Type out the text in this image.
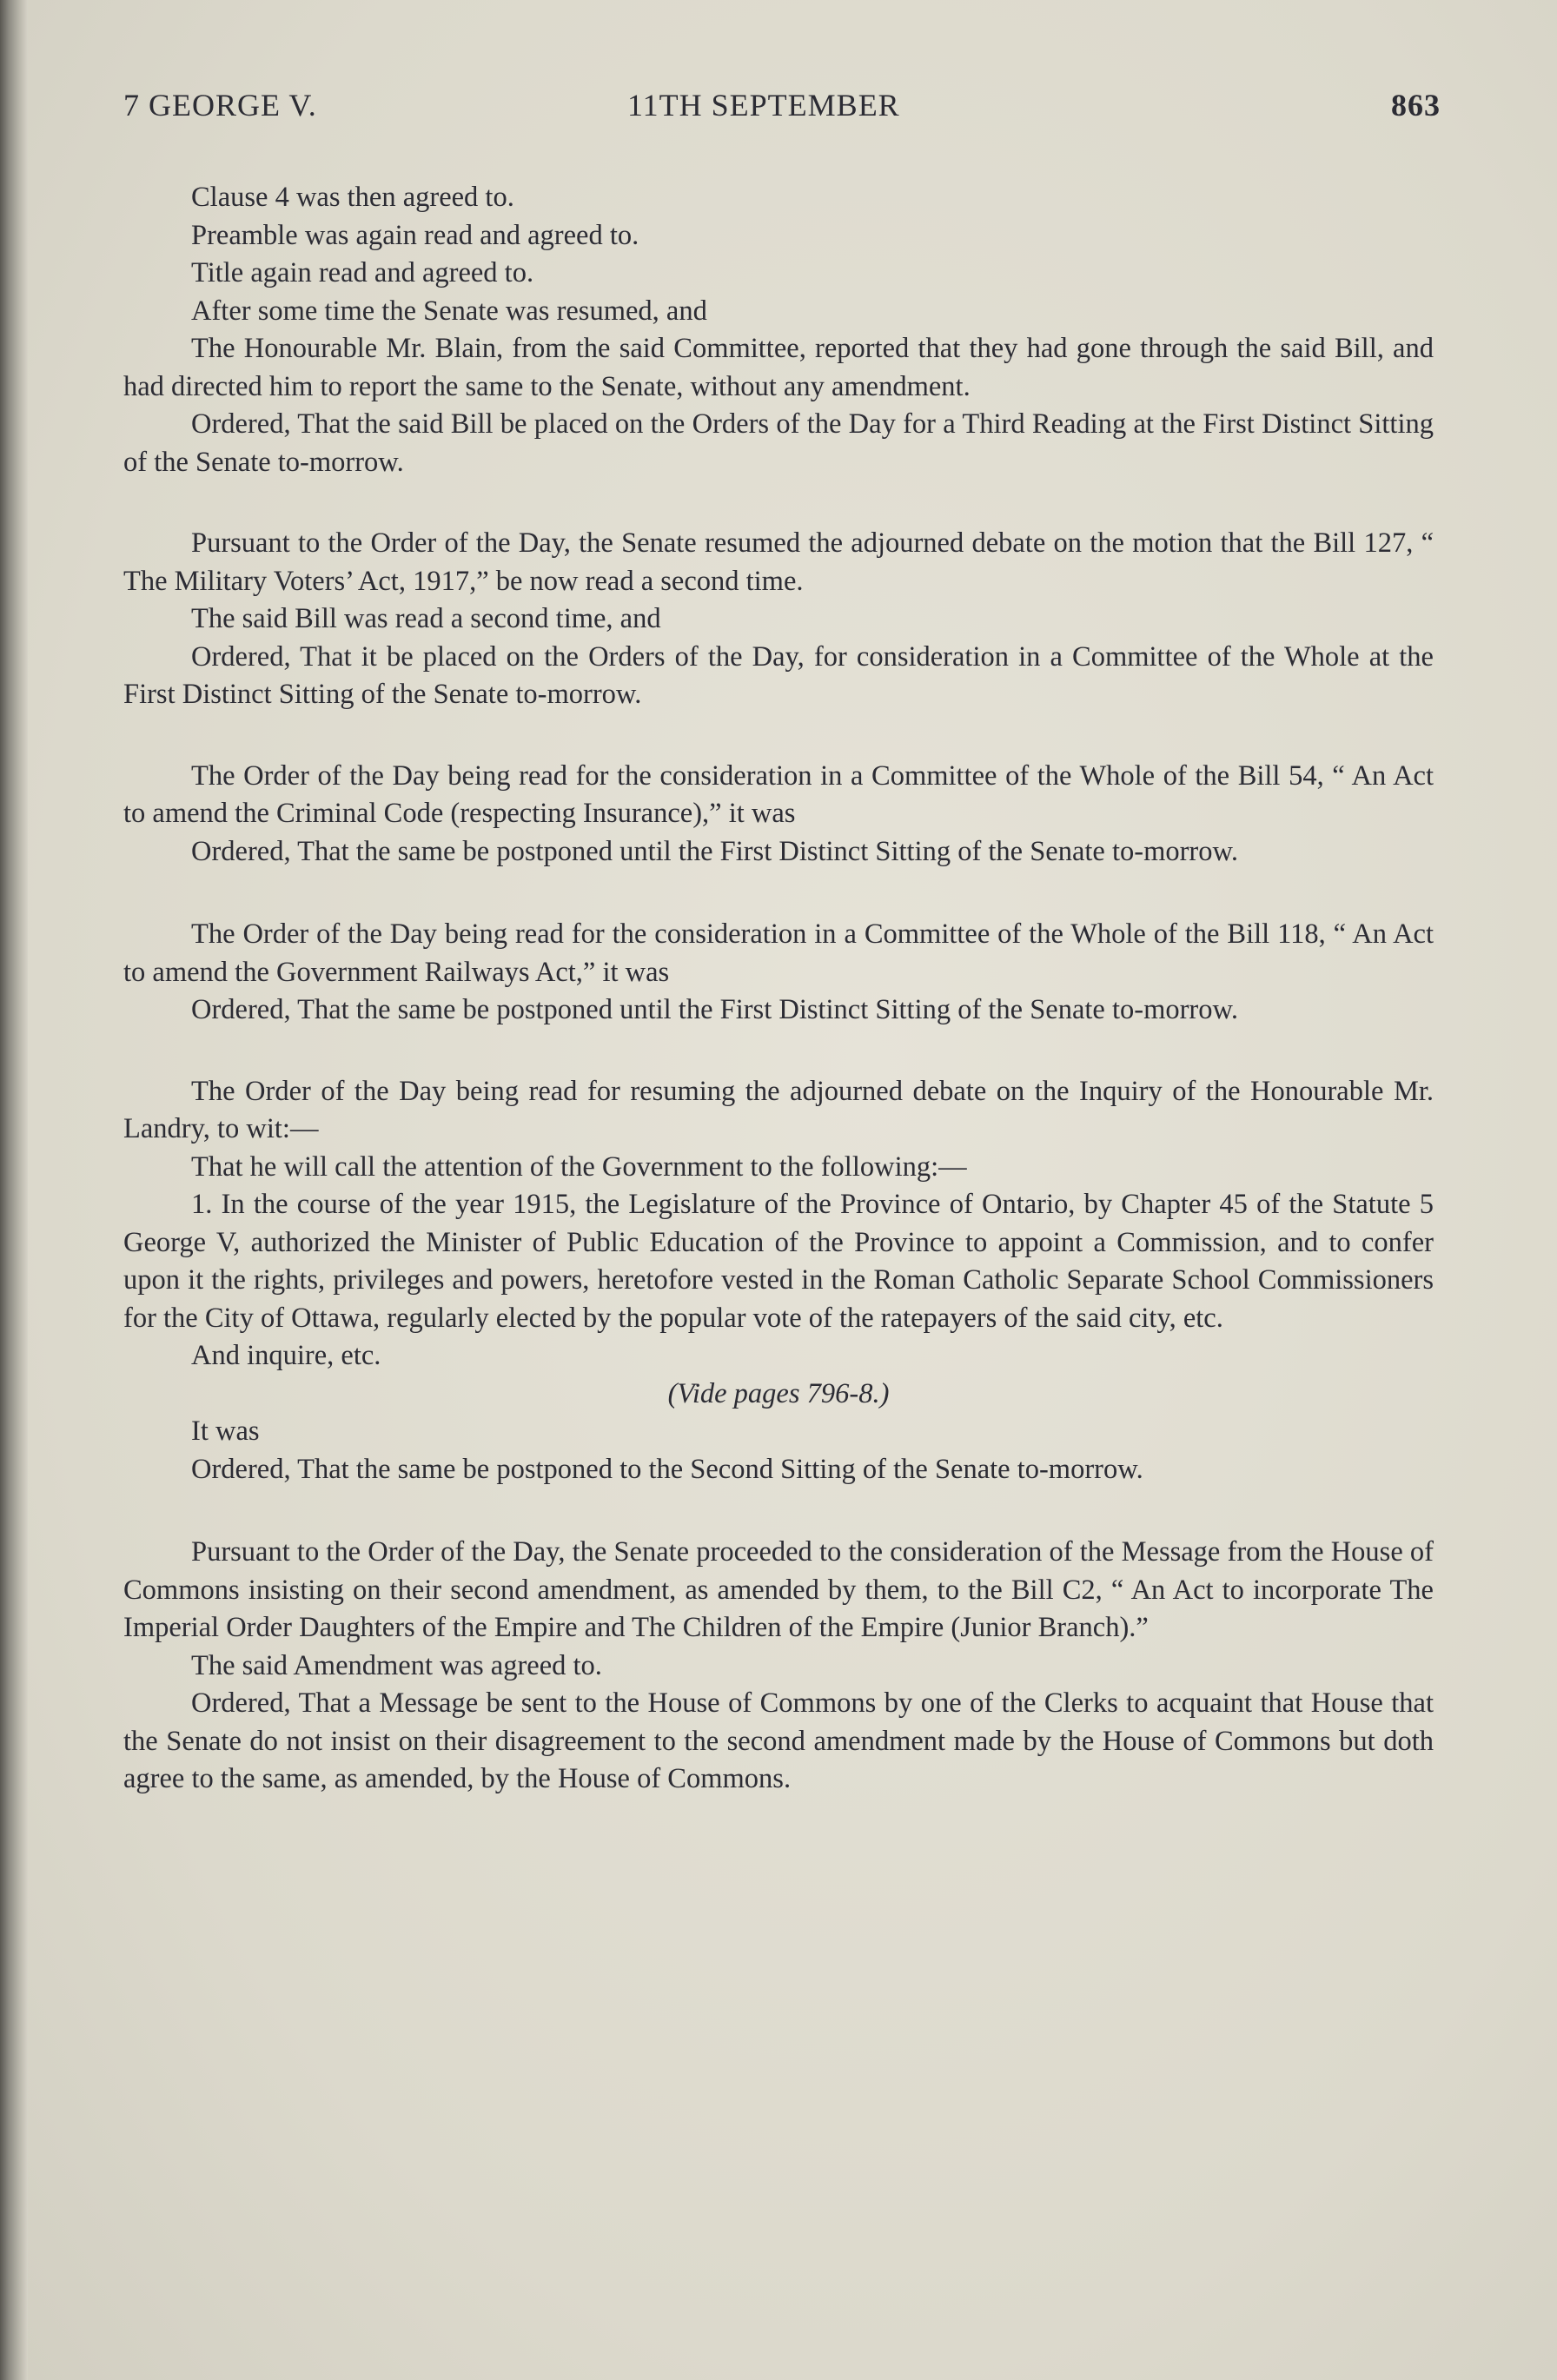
7 GEORGE V.	11TH SEPTEMBER	863

Clause 4 was then agreed to.

Preamble was again read and agreed to.

Title again read and agreed to.

After some time the Senate was resumed, and

The Honourable Mr. Blain, from the said Committee, reported that they had gone through the said Bill, and had directed him to report the same to the Senate, without any amendment.

Ordered, That the said Bill be placed on the Orders of the Day for a Third Reading at the First Distinct Sitting of the Senate to-morrow.

Pursuant to the Order of the Day, the Senate resumed the adjourned debate on the motion that the Bill 127, “ The Military Voters’ Act, 1917,” be now read a second time.

The said Bill was read a second time, and

Ordered, That it be placed on the Orders of the Day, for consideration in a Committee of the Whole at the First Distinct Sitting of the Senate to-morrow.

The Order of the Day being read for the consideration in a Committee of the Whole of the Bill 54, “ An Act to amend the Criminal Code (respecting Insurance),” it was

Ordered, That the same be postponed until the First Distinct Sitting of the Senate to-morrow.

The Order of the Day being read for the consideration in a Committee of the Whole of the Bill 118, “ An Act to amend the Government Railways Act,” it was

Ordered, That the same be postponed until the First Distinct Sitting of the Senate to-morrow.

The Order of the Day being read for resuming the adjourned debate on the Inquiry of the Honourable Mr. Landry, to wit:—

That he will call the attention of the Government to the following:—

1. In the course of the year 1915, the Legislature of the Province of Ontario, by Chapter 45 of the Statute 5 George V, authorized the Minister of Public Education of the Province to appoint a Commission, and to confer upon it the rights, privileges and powers, heretofore vested in the Roman Catholic Separate School Commissioners for the City of Ottawa, regularly elected by the popular vote of the ratepayers of the said city, etc.

And inquire, etc.

(Vide pages 796-8.)

It was

Ordered, That the same be postponed to the Second Sitting of the Senate to-morrow.

Pursuant to the Order of the Day, the Senate proceeded to the consideration of the Message from the House of Commons insisting on their second amendment, as amended by them, to the Bill C2, “ An Act to incorporate The Imperial Order Daughters of the Empire and The Children of the Empire (Junior Branch).”

The said Amendment was agreed to.

Ordered, That a Message be sent to the House of Commons by one of the Clerks to acquaint that House that the Senate do not insist on their disagreement to the second amendment made by the House of Commons but doth agree to the same, as amended, by the House of Commons.
